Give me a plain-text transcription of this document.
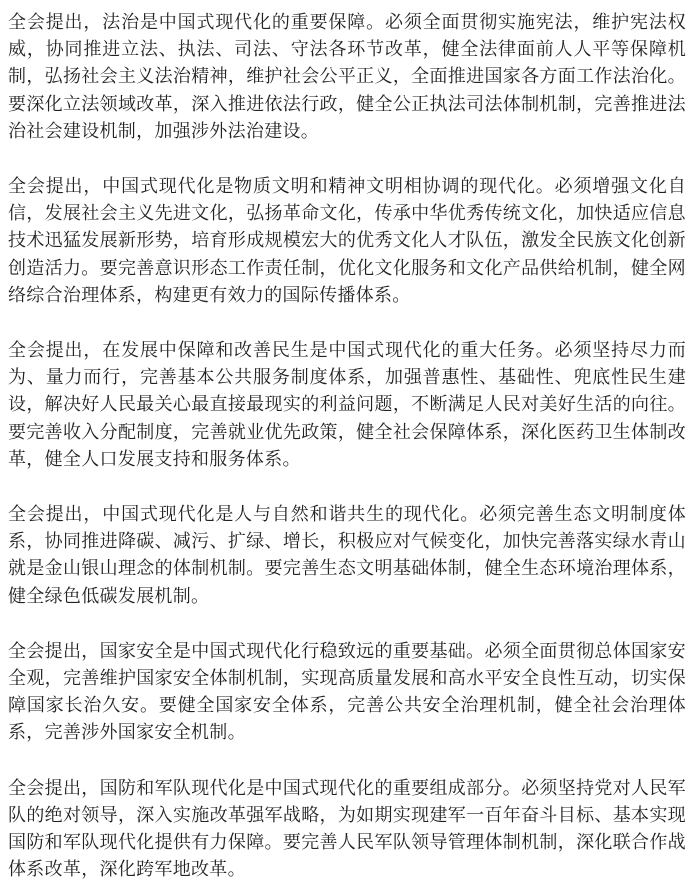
全会提出，法治是中国式现代化的重要保障。必须全面贯彻实施宪法，维护宪法权威，协同推进立法、执法、司法、守法各环节改革，健全法律面前人人平等保障机制，弘扬社会主义法治精神，维护社会公平正义，全面推进国家各方面工作法治化。要深化立法领域改革，深入推进依法行政，健全公正执法司法体制机制，完善推进法治社会建设机制，加强涉外法治建设。

全会提出，中国式现代化是物质文明和精神文明相协调的现代化。必须增强文化自信，发展社会主义先进文化，弘扬革命文化，传承中华优秀传统文化，加快适应信息技术迅猛发展新形势，培育形成规模宏大的优秀文化人才队伍，激发全民族文化创新创造活力。要完善意识形态工作责任制，优化文化服务和文化产品供给机制，健全网络综合治理体系，构建更有效力的国际传播体系。

全会提出，在发展中保障和改善民生是中国式现代化的重大任务。必须坚持尽力而为、量力而行，完善基本公共服务制度体系，加强普惠性、基础性、兜底性民生建设，解决好人民最关心最直接最现实的利益问题，不断满足人民对美好生活的向往。要完善收入分配制度，完善就业优先政策，健全社会保障体系，深化医药卫生体制改革，健全人口发展支持和服务体系。

全会提出，中国式现代化是人与自然和谐共生的现代化。必须完善生态文明制度体系，协同推进降碳、减污、扩绿、增长，积极应对气候变化，加快完善落实绿水青山就是金山银山理念的体制机制。要完善生态文明基础体制，健全生态环境治理体系，健全绿色低碳发展机制。

全会提出，国家安全是中国式现代化行稳致远的重要基础。必须全面贯彻总体国家安全观，完善维护国家安全体制机制，实现高质量发展和高水平安全良性互动，切实保障国家长治久安。要健全国家安全体系，完善公共安全治理机制，健全社会治理体系，完善涉外国家安全机制。

全会提出，国防和军队现代化是中国式现代化的重要组成部分。必须坚持党对人民军队的绝对领导，深入实施改革强军战略，为如期实现建军一百年奋斗目标、基本实现国防和军队现代化提供有力保障。要完善人民军队领导管理体制机制，深化联合作战体系改革，深化跨军地改革。
